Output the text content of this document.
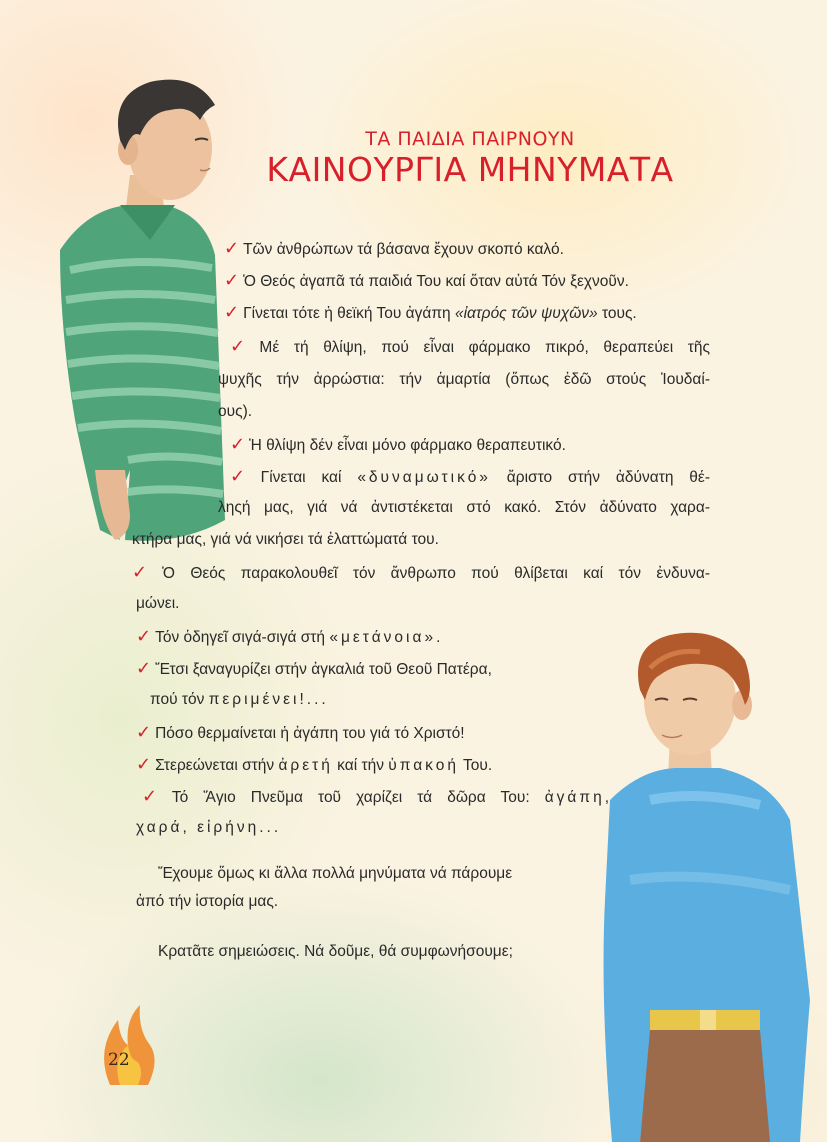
ΤΑ ΠΑΙΔΙΑ ΠΑΙΡΝΟΥΝ
ΚΑΙΝΟΥΡΓΙΑ ΜΗΝΥΜΑΤΑ
✓ Τῶν ἀνθρώπων τά βάσανα ἔχουν σκοπό καλό.
✓ Ὁ Θεός ἀγαπᾶ τά παιδιά Του καί ὅταν αὐτά Τόν ξεχνοῦν.
✓ Γίνεται τότε ἡ θεϊκή Του ἀγάπη «ἰατρός τῶν ψυχῶν» τους.
✓ Μέ τή θλίψη, πού εἶναι φάρμακο πικρό, θεραπεύει τῆς
ψυχῆς τήν ἀρρώστια: τήν ἁμαρτία (ὅπως ἐδῶ στούς Ἰουδαί-
ους).
✓ Ἡ θλίψη δέν εἶναι μόνο φάρμακο θεραπευτικό.
✓ Γίνεται καί «δυναμωτικό» ἄριστο στήν ἀδύνατη θέ-
ληςή μας, γιά νά ἀντιστέκεται στό κακό. Στόν ἀδύνατο χαρα-
κτήρα μας, γιά νά νικήσει τά ἐλαττώματά του.
✓ Ὁ Θεός παρακολουθεῖ τόν ἄνθρωπο πού θλίβεται καί τόν ἐνδυνα-
μώνει.
✓ Τόν ὁδηγεῖ σιγά-σιγά στή «μετάνοια».
✓ Ἔτσι ξαναγυρίζει στήν ἀγκαλιά τοῦ Θεοῦ Πατέρα,
πού τόν περιμένει!...
✓ Πόσο θερμαίνεται ἡ ἀγάπη του γιά τό Χριστό!
✓ Στερεώνεται στήν ἀρετή καί τήν ὑπακοή Του.
✓ Τό Ἅγιο Πνεῦμα τοῦ χαρίζει τά δῶρα Του: ἀγάπη,
χαρά, εἰρήνη...
Ἔχουμε ὅμως κι ἄλλα πολλά μηνύματα νά πάρουμε
ἀπό τήν ἱστορία μας.
Κρατᾶτε σημειώσεις. Νά δοῦμε, θά συμφωνήσουμε;
22
